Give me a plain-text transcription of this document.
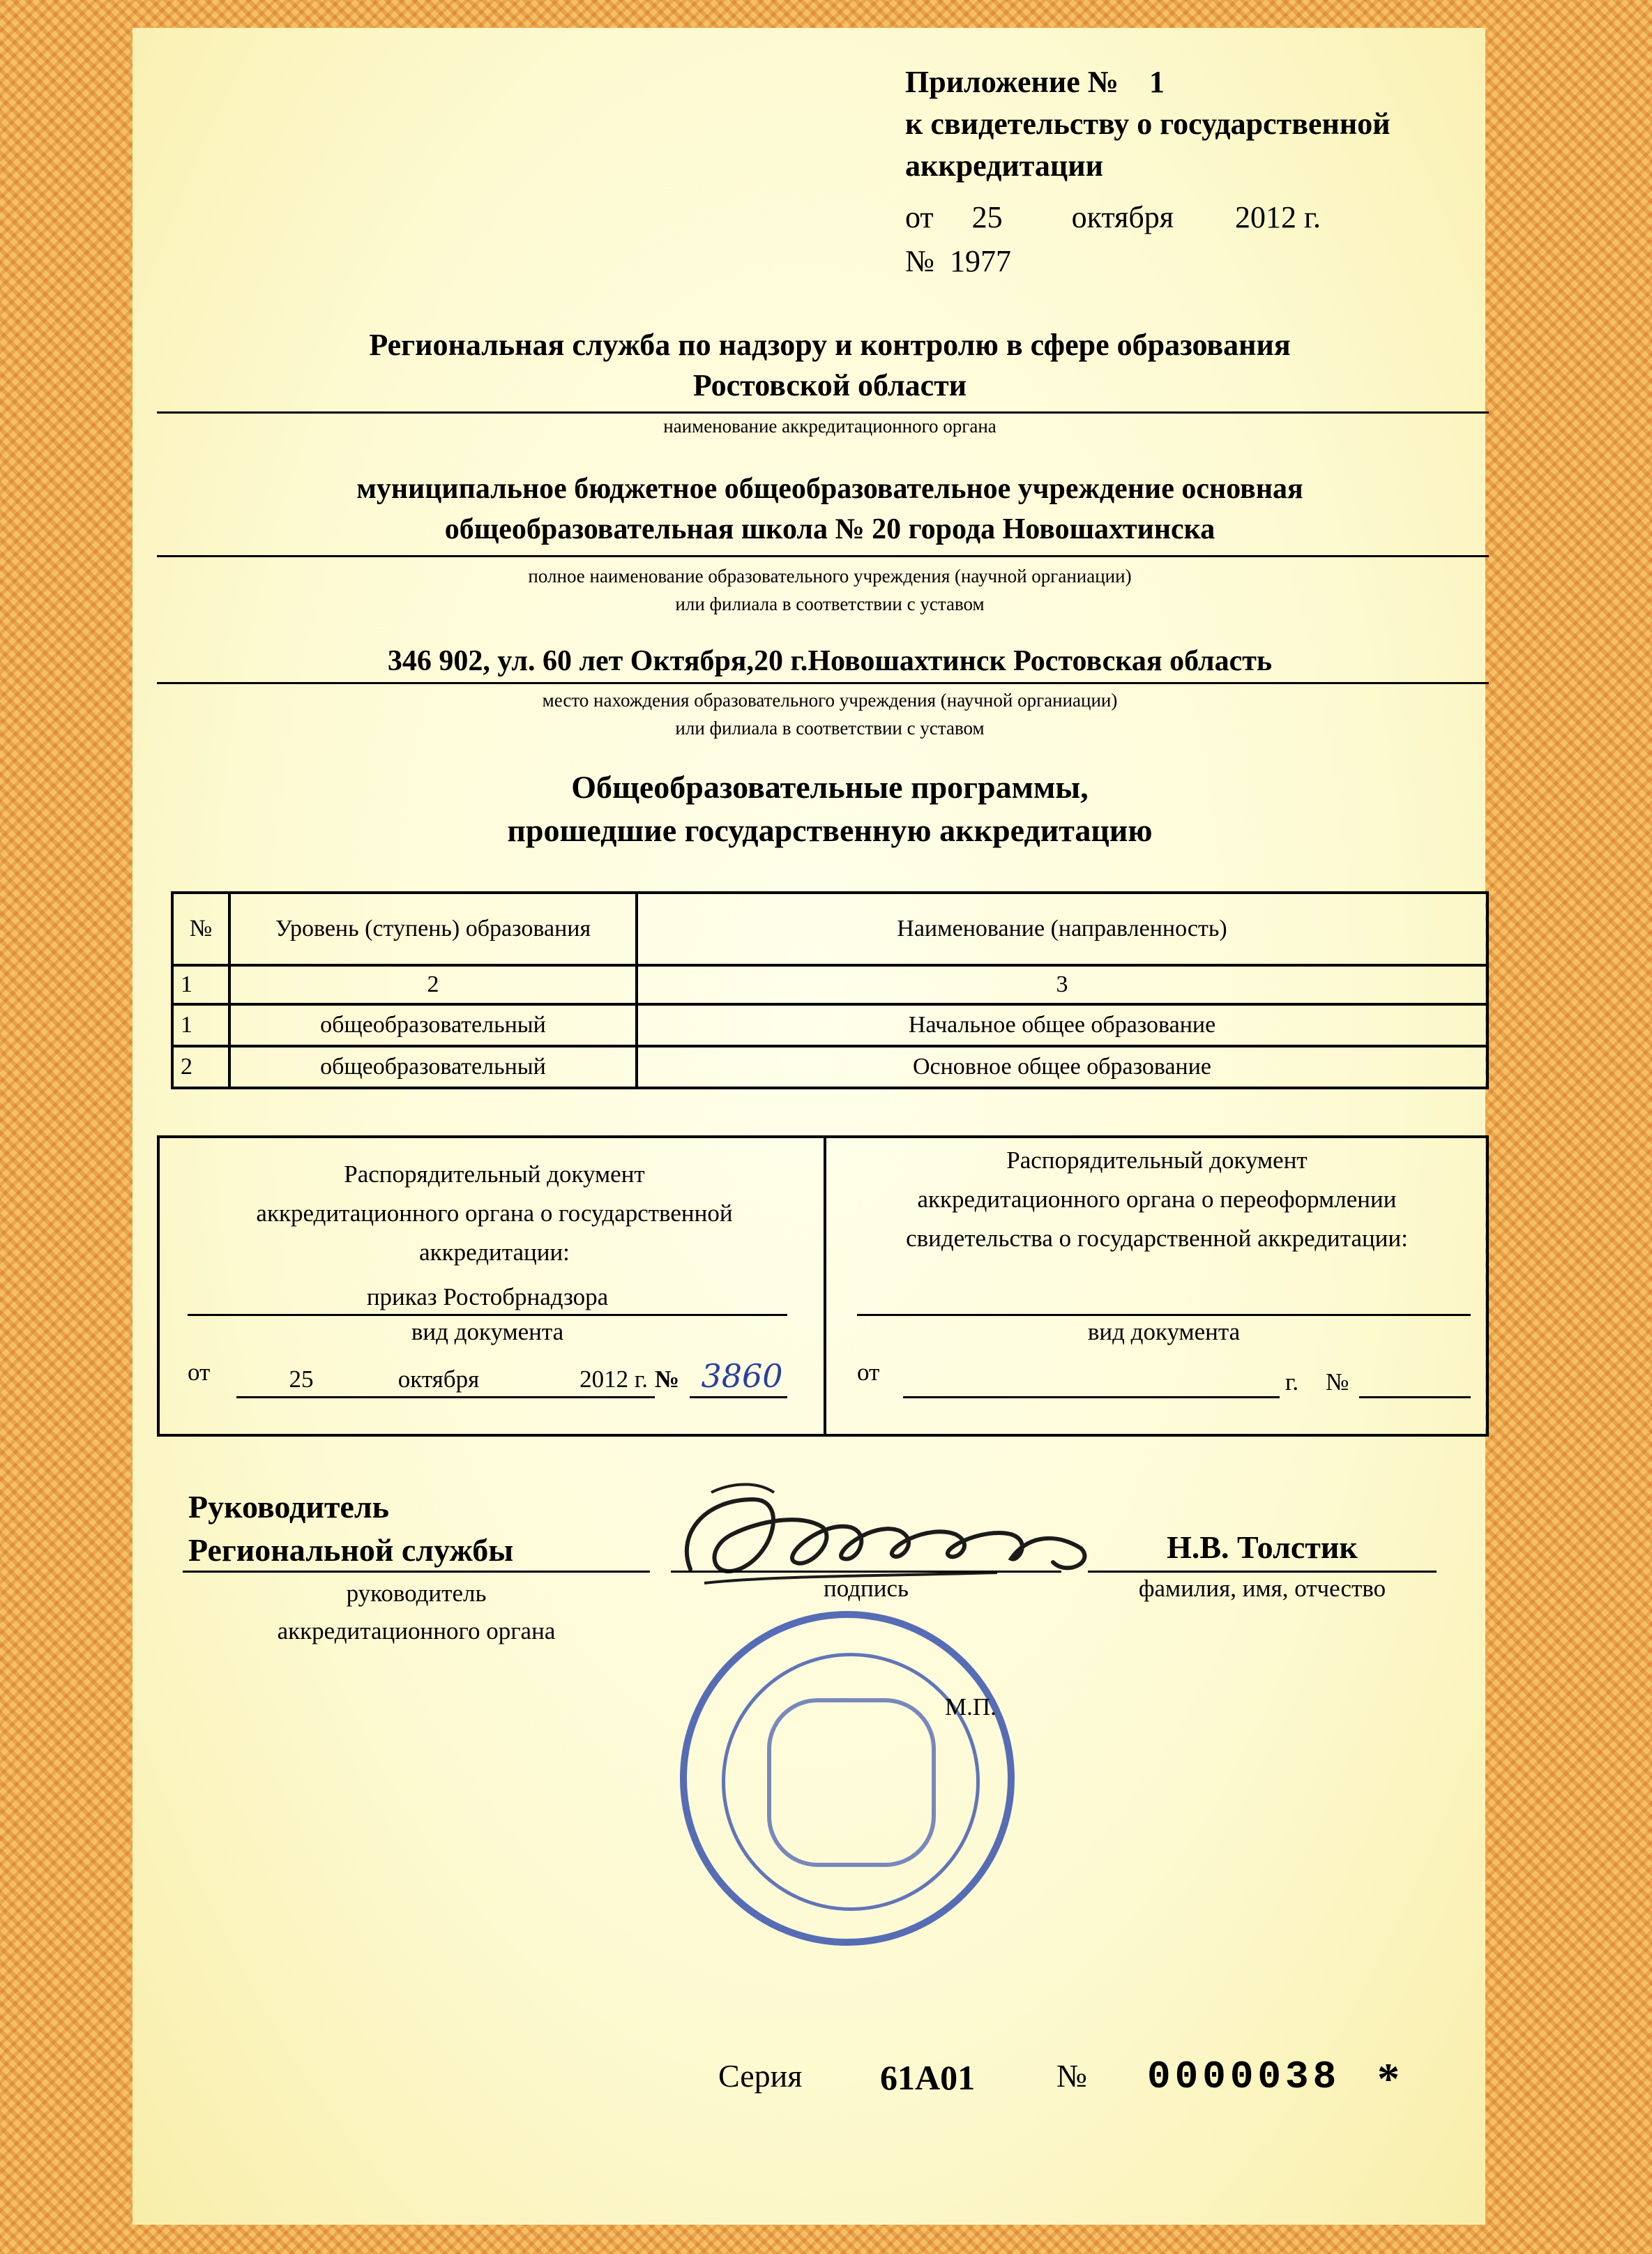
Приложение № 1
к свидетельству о государственной
аккредитации
от 25 октября 2012 г.
№ 1977
Региональная служба по надзору и контролю в сфере образования
Ростовской области
наименование аккредитационного органа
муниципальное бюджетное общеобразовательное учреждение основная
общеобразовательная школа № 20 города Новошахтинска
полное наименование образовательного учреждения (научной органиации)
или филиала в соответствии с уставом
346 902, ул. 60 лет Октября,20 г.Новошахтинск Ростовская область
место нахождения образовательного учреждения (научной органиации)
или филиала в соответствии с уставом
Общеобразовательные программы,
прошедшие государственную аккредитацию
№	Уровень (ступень) образования	Наименование (направленность)
1	2	3
1	общеобразовательный	Начальное общее образование
2	общеобразовательный	Основное общее образование
Распорядительный документ
аккредитационного органа о государственной
аккредитации:
приказ Ростобрнадзора
вид документа
от	25	октября	2012 г. № 3860
Распорядительный документ
аккредитационного органа о переоформлении
свидетельства о государственной аккредитации:
вид документа
от	г. №
Руководитель
Региональной службы
руководитель
аккредитационного органа
подпись
Н.В. Толстик
фамилия, имя, отчество
М.П.
Серия 61А01	№ 0000038 *
